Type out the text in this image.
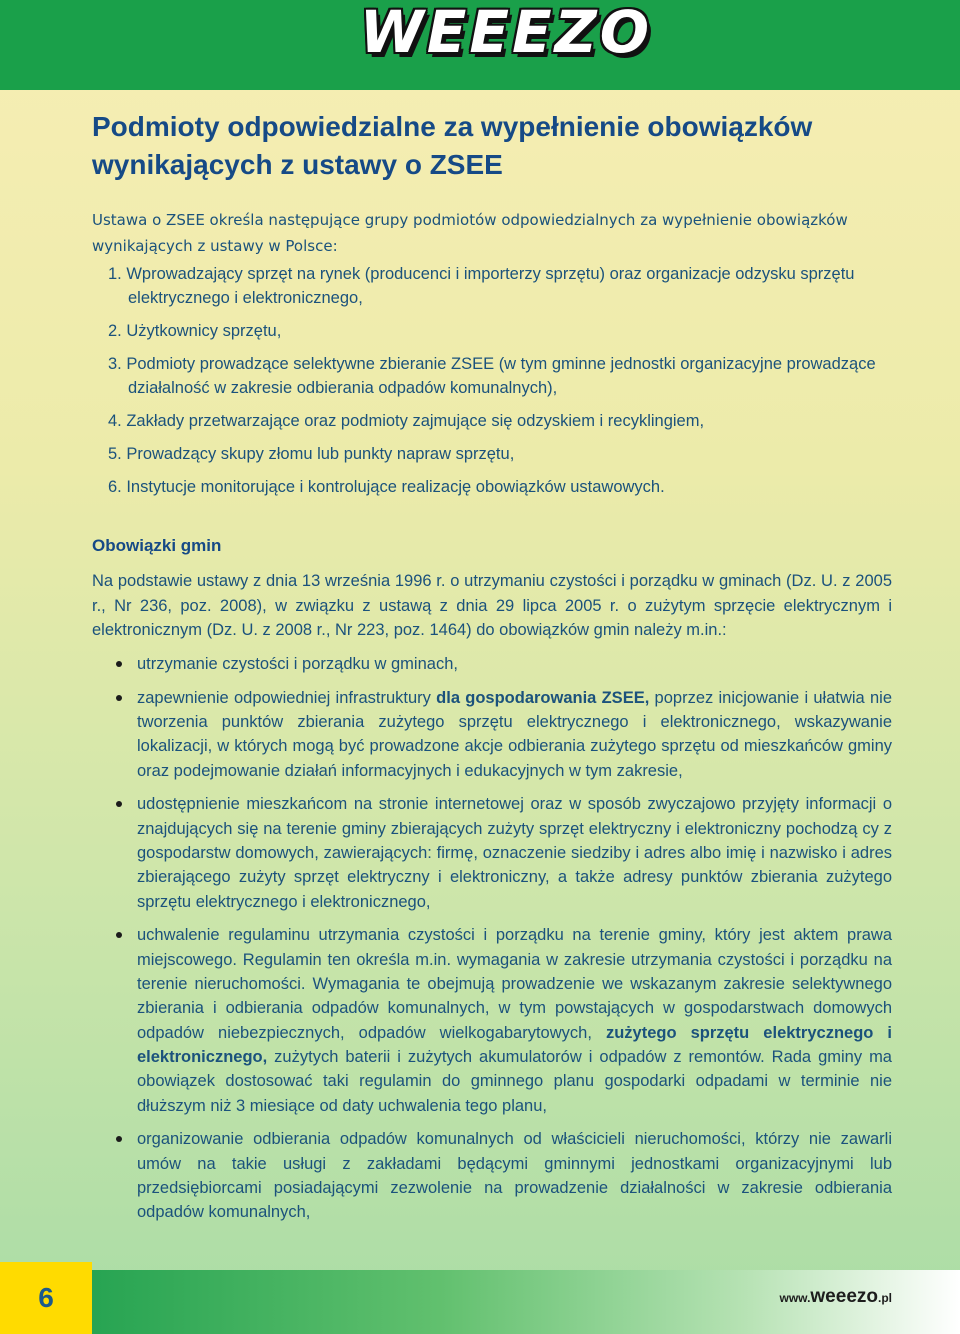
WEEEZO
Podmioty odpowiedzialne za wypełnienie obowiązków
wynikających z ustawy o ZSEE
Ustawa o ZSEE określa następujące grupy podmiotów odpowiedzialnych za wypełnienie obowiązków wynikających z ustawy w Polsce:
1. Wprowadzający sprzęt na rynek (producenci i importerzy sprzętu) oraz organizacje odzysku sprzętu elektrycznego i elektronicznego,
2. Użytkownicy sprzętu,
3. Podmioty prowadzące selektywne zbieranie ZSEE (w tym gminne jednostki organizacyjne prowadzące działalność w zakresie odbierania odpadów komunalnych),
4. Zakłady przetwarzające oraz podmioty zajmujące się odzyskiem i recyklingiem,
5. Prowadzący skupy złomu lub punkty napraw sprzętu,
6. Instytucje monitorujące i kontrolujące realizację obowiązków ustawowych.
Obowiązki gmin
Na podstawie ustawy z dnia 13 września 1996 r. o utrzymaniu czystości i porządku w gminach (Dz. U. z 2005 r., Nr 236, poz. 2008), w związku z ustawą z dnia 29 lipca 2005 r. o zużytym sprzęcie elektrycznym i elektronicznym (Dz. U. z 2008 r., Nr 223, poz. 1464) do obowiązków gmin należy m.in.:
utrzymanie czystości i porządku w gminach,
zapewnienie odpowiedniej infrastruktury dla gospodarowania ZSEE, poprzez inicjowanie i ułatwia nie tworzenia punktów zbierania zużytego sprzętu elektrycznego i elektronicznego, wskazywanie lokalizacji, w których mogą być prowadzone akcje odbierania zużytego sprzętu od mieszkańców gminy oraz podejmowanie działań informacyjnych i edukacyjnych w tym zakresie,
udostępnienie mieszkańcom na stronie internetowej oraz w sposób zwyczajowo przyjęty informacji o znajdujących się na terenie gminy zbierających zużyty sprzęt elektryczny i elektroniczny pochodzą cy z gospodarstw domowych, zawierających: firmę, oznaczenie siedziby i adres albo imię i nazwisko i adres zbierającego zużyty sprzęt elektryczny i elektroniczny, a także adresy punktów zbierania zużytego sprzętu elektrycznego i elektronicznego,
uchwalenie regulaminu utrzymania czystości i porządku na terenie gminy, który jest aktem prawa miejscowego. Regulamin ten określa m.in. wymagania w zakresie utrzymania czystości i porządku na terenie nieruchomości. Wymagania te obejmują prowadzenie we wskazanym zakresie selektywnego zbierania i odbierania odpadów komunalnych, w tym powstających w gospodarstwach domowych odpadów niebezpiecznych, odpadów wielkogabarytowych, zużytego sprzętu elektrycznego i elektronicznego, zużytych baterii i zużytych akumulatorów i odpadów z remontów. Rada gminy ma obowiązek dostosować taki regulamin do gminnego planu gospodarki odpadami w terminie nie dłuższym niż 3 miesiące od daty uchwalenia tego planu,
organizowanie odbierania odpadów komunalnych od właścicieli nieruchomości, którzy nie zawarli umów na takie usługi z zakładami będącymi gminnymi jednostkami organizacyjnymi lub przedsiębiorcami posiadającymi zezwolenie na prowadzenie działalności w zakresie odbierania odpadów komunalnych,
6	www.weeezo.pl
